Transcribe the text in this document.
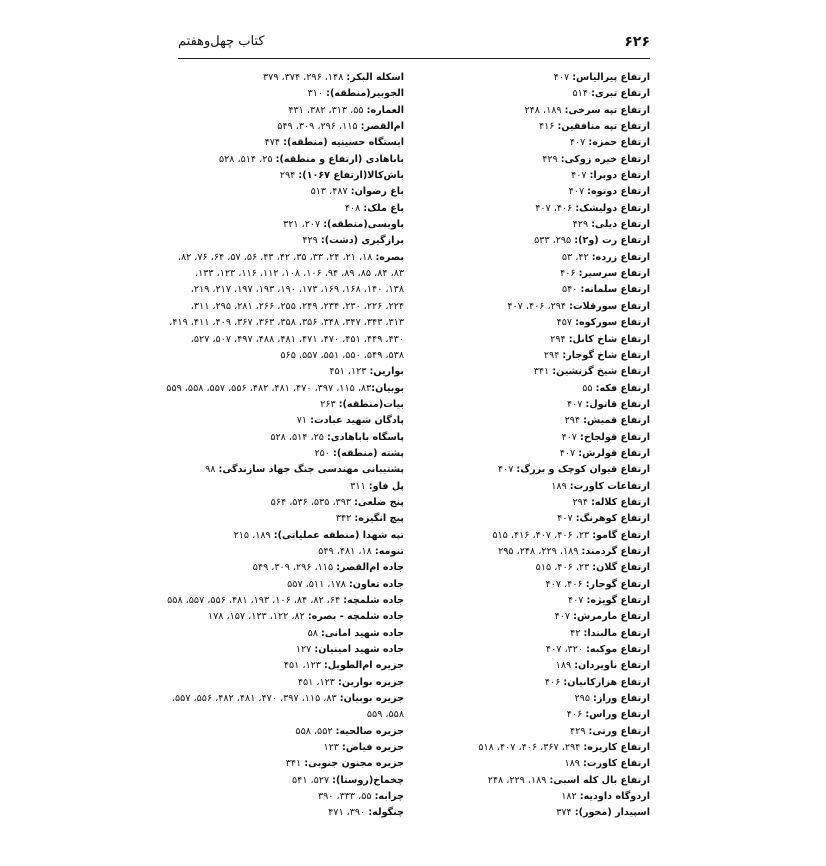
۶۲۶
کتاب چهل‌وهفتم
ارتفاع پیرالیاس: ۴۰۷
ارتفاع تبری: ۵۱۴
ارتفاع تپه سرخی: ۱۸۹، ۲۴۸
ارتفاع تپه منافقین: ۴۱۶
ارتفاع حمزه: ۴۰۷
ارتفاع خیره زوکی: ۴۲۹
ارتفاع دوبرا: ۴۰۷
ارتفاع دوتوه: ۴۰۷
ارتفاع دولیشک: ۴۰۶، ۴۰۷
ارتفاع دیلی: ۴۲۹
ارتفاع رت (و۲): ۲۹۵، ۵۳۳
ارتفاع زرده: ۴۲، ۵۳
ارتفاع سرسیر: ۴۰۶
ارتفاع سلمانه: ۵۴۰
ارتفاع سورقلات: ۲۹۴، ۴۰۶، ۴۰۷
ارتفاع سورکوه: ۴۵۷
ارتفاع شاخ کانل: ۲۹۴
ارتفاع شاخ گوجار: ۲۹۴
ارتفاع شیخ گزنشین: ۳۴۱
ارتفاع فکه: ۵۵
ارتفاع قاتول: ۴۰۷
ارتفاع قمیش: ۲۹۴
ارتفاع قولجاخ: ۴۰۷
ارتفاع قولرش: ۴۰۷
ارتفاع قیوان کوچک و بزرگ: ۴۰۷
ارتفاعات کاورت: ۱۸۹
ارتفاع کلاله: ۲۹۴
ارتفاع کوهرنگ: ۴۰۷
ارتفاع گامو: ۲۳، ۴۰۶، ۴۰۷، ۴۱۶، ۵۱۵
ارتفاع گردمند: ۱۸۹، ۲۲۹، ۲۴۸، ۲۹۵
ارتفاع گلان: ۲۳، ۴۰۶، ۵۱۵
ارتفاع گوجار: ۴۰۶، ۴۰۷
ارتفاع گویژه: ۴۰۷
ارتفاع مارمرش: ۴۰۷
ارتفاع مالبندا: ۴۲
ارتفاع موکبه: ۳۲۰، ۴۰۷
ارتفاع ناویردان: ۱۸۹
ارتفاع هزارکانیان: ۴۰۶
ارتفاع وراز: ۲۹۵
ارتفاع وراس: ۴۰۶
ارتفاع ورتی: ۴۲۹
ارتفاع کاریزه: ۲۹۴، ۳۶۷، ۴۰۶، ۴۰۷، ۵۱۸
ارتفاع کاورت: ۱۸۹
ارتفاع بال کله اسبی: ۱۸۹، ۲۲۹، ۲۴۸
اردوگاه داودیه: ۱۸۲
اسپیدار (محور): ۳۷۴
اسکله البکر: ۱۴۸، ۲۹۶، ۳۷۴، ۳۷۹
الجوبیر(منطقه): ۳۱۰
العماره: ۵۵، ۳۱۳، ۳۸۲، ۴۳۱
ام‌القصر: ۱۱۵، ۲۹۶، ۳۰۹، ۵۴۹
ایستگاه حسینیه (منطقه): ۴۷۴
باباهادی (ارتفاع و منطقه): ۲۵، ۵۱۴، ۵۲۸
باش‌کالا(ارتفاع ۱۰۶۷): ۲۹۴
باغ رضوان: ۴۸۷، ۵۱۳
باغ ملک: ۴۰۸
باویسی(منطقه): ۲۰۷، ۳۲۱
برازگیری (دشت): ۴۲۹
بصره: ۱۸، ۲۱، ۲۴، ۳۳، ۳۵، ۴۲، ۴۳، ۵۶، ۵۷، ۶۴، ۷۶، ۸۲،
۸۳، ۸۴، ۸۵، ۸۹، ۹۴، ۱۰۶، ۱۰۸، ۱۱۲، ۱۱۶، ۱۲۳، ۱۳۳،
۱۳۸، ۱۴۰، ۱۶۸، ۱۶۹، ۱۷۳، ۱۹۰، ۱۹۳، ۱۹۷، ۲۱۷، ۲۱۹،
۲۲۴، ۲۲۶، ۲۳۰، ۲۳۴، ۲۴۹، ۲۵۵، ۲۶۶، ۲۸۱، ۲۹۵، ۳۱۱،
۳۱۳، ۳۴۳، ۳۴۷، ۳۴۸، ۳۵۶، ۳۵۸، ۳۶۳، ۳۶۷، ۴۰۹، ۴۱۱، ۴۱۹،
۴۳۰، ۴۴۹، ۴۵۱، ۴۷۰، ۴۷۱، ۴۸۱، ۴۸۸، ۴۹۷، ۵۰۷، ۵۲۷،
۵۳۸، ۵۴۹، ۵۵۰، ۵۵۱، ۵۵۷، ۵۶۵
بوارین: ۱۲۳، ۴۵۱
بوبیان:۸۳، ۱۱۵، ۳۹۷، ۴۷۰، ۴۸۱، ۴۸۲، ۵۵۶، ۵۵۷، ۵۵۸، ۵۵۹
بیات(منطقه): ۲۶۳
پادگان شهید عبادت: ۷۱
پاسگاه باباهادی: ۲۵، ۵۱۴، ۵۲۸
پشته (منطقه): ۲۵۰
پشتیبانی مهندسی جنگ جهاد سازندگی: ۹۸
پل فاو: ۳۱۱
پنج ضلعی: ۳۹۳، ۵۳۵، ۵۳۶، ۵۶۴
پیچ انگیزه: ۳۴۲
تپه شهدا (منطقه عملیاتی): ۱۸۹، ۲۱۵
تنومه: ۱۸، ۴۸۱، ۵۴۹
جاده ام‌القصر: ۱۱۵، ۲۹۶، ۳۰۹، ۵۴۹
جاده تعاون: ۱۷۸، ۵۱۱، ۵۵۷
جاده شلمچه: ۶۴، ۸۲، ۸۴، ۱۰۶، ۱۹۳، ۴۸۱، ۵۵۶، ۵۵۷، ۵۵۸
جاده شلمچه - بصره: ۸۲، ۱۲۲، ۱۲۳، ۱۵۷، ۱۷۸
جاده شهید امانی: ۵۸
جاده شهید امینیان: ۱۲۷
جزیره ام‌الطویل: ۱۲۳، ۴۵۱
جزیره بوارین: ۱۲۳، ۴۵۱
جزیره بوبیان: ۸۳، ۱۱۵، ۳۹۷، ۴۷۰، ۴۸۱، ۴۸۲، ۵۵۶، ۵۵۷،
۵۵۸، ۵۵۹
جزیره صالحیه: ۵۵۲، ۵۵۸
جزیره فیاض: ۱۲۳
جزیره مجنون جنوبی: ۳۴۱
چخماخ(روستا): ۵۲۷، ۵۴۱
چزابه: ۵۵، ۳۳۳، ۳۹۰
چنگوله: ۳۹۰، ۴۷۱
